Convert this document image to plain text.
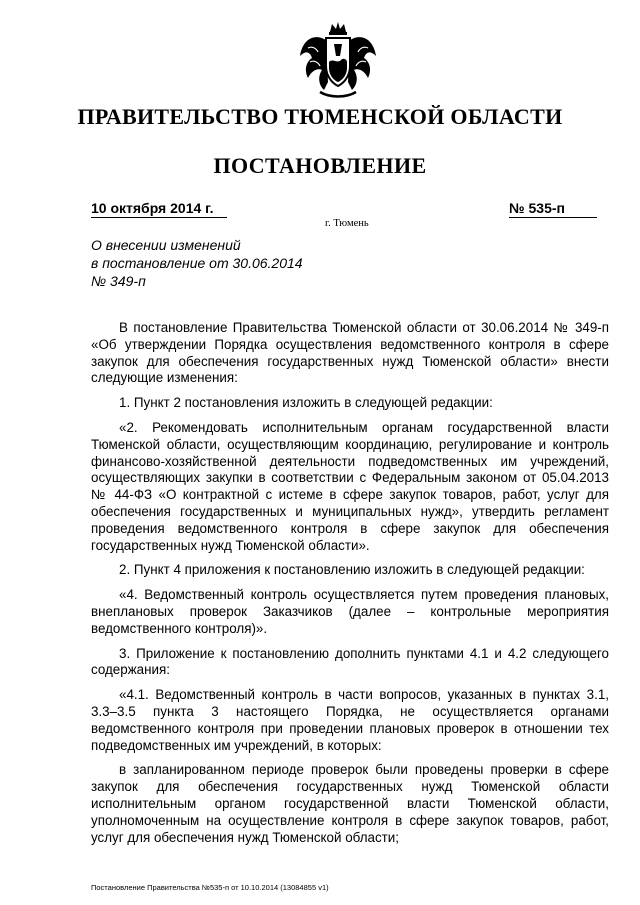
ПРАВИТЕЛЬСТВО ТЮМЕНСКОЙ ОБЛАСТИ
ПОСТАНОВЛЕНИЕ
10 октября 2014 г.	№ 535-п
г. Тюмень
О внесении изменений
в постановление от 30.06.2014
№ 349-п

В постановление Правительства Тюменской области от 30.06.2014 № 349-п «Об утверждении Порядка осуществления ведомственного контроля в сфере закупок для обеспечения государственных нужд Тюменской области» внести следующие изменения:

1. Пункт 2 постановления изложить в следующей редакции:

«2. Рекомендовать исполнительным органам государственной власти Тюменской области, осуществляющим координацию, регулирование и контроль финансово-хозяйственной деятельности подведомственных им учреждений, осуществляющих закупки в соответствии с Федеральным законом от 05.04.2013 № 44-ФЗ «О контрактной с истеме в сфере закупок товаров, работ, услуг для обеспечения государственных и муниципальных нужд», утвердить регламент проведения ведомственного контроля в сфере закупок для обеспечения государственных нужд Тюменской области».

2. Пункт 4 приложения к постановлению изложить в следующей редакции:

«4. Ведомственный контроль осуществляется путем проведения плановых, внеплановых проверок Заказчиков (далее – контрольные мероприятия ведомственного контроля)».

3. Приложение к постановлению дополнить пунктами 4.1 и 4.2 следующего содержания:

«4.1. Ведомственный контроль в части вопросов, указанных в пунктах 3.1, 3.3–3.5 пункта 3 настоящего Порядка, не осуществляется органами ведомственного контроля при проведении плановых проверок в отношении тех подведомственных им учреждений, в которых:

в запланированном периоде проверок были проведены проверки в сфере закупок для обеспечения государственных нужд Тюменской области исполнительным органом государственной власти Тюменской области, уполномоченным на осуществление контроля в сфере закупок товаров, работ, услуг для обеспечения нужд Тюменской области;

Постановление Правительства №535-п от 10.10.2014 (13084855 v1)
